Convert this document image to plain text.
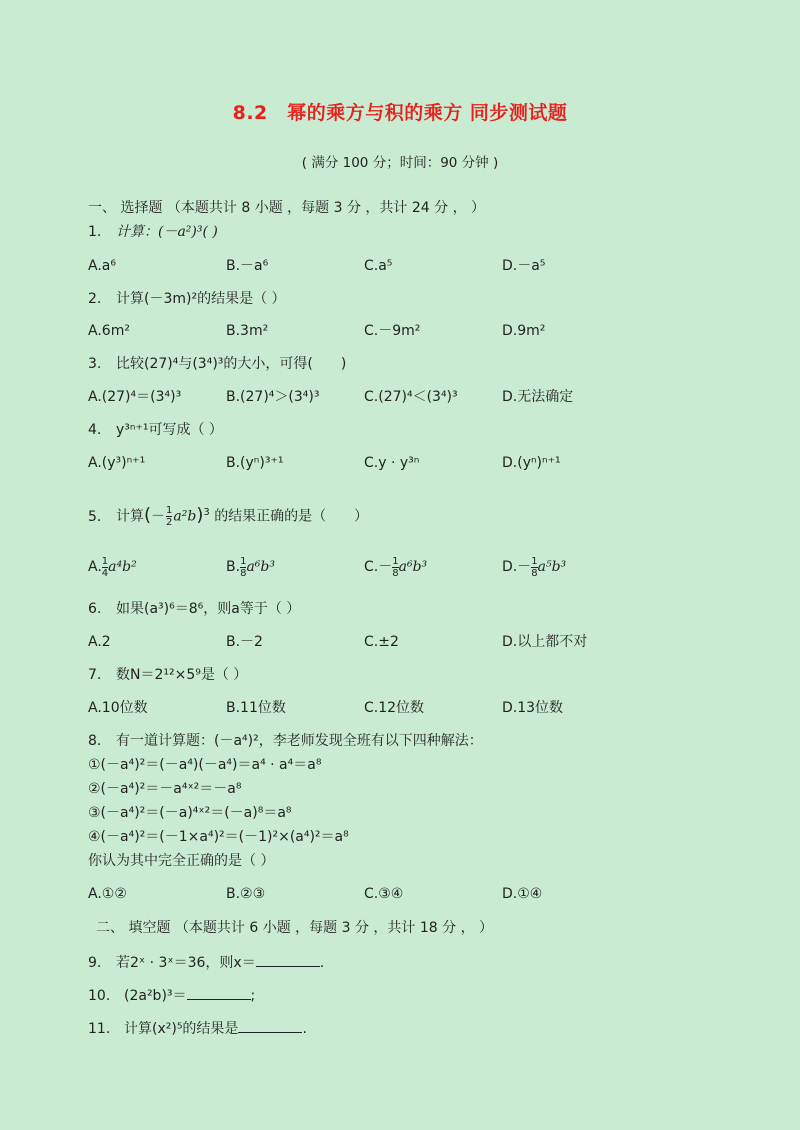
8.2　幂的乘方与积的乘方 同步测试题
( 满分 100 分；时间：90 分钟 )
一、 选择题 （本题共计 8 小题 ，每题 3 分 ，共计 24 分 ， ）
1. 计算：(－a²)³( )
A.a⁶	B.－a⁶	C.a⁵	D.－a⁵
2. 计算(－3m)²的结果是（ ）
A.6m²	B.3m²	C.－9m²	D.9m²
3. 比较(27)⁴与(3⁴)³的大小，可得(　　)
A.(27)⁴＝(3⁴)³	B.(27)⁴＞(3⁴)³	C.(27)⁴＜(3⁴)³	D.无法确定
4. y³ⁿ⁺¹可写成（ ）
A.(y³)ⁿ⁺¹	B.(yⁿ)³⁺¹	C.y · y³ⁿ	D.(yⁿ)ⁿ⁺¹
5. 计算(－ $\frac{1}{2} a^2b)^3$ 的结果正确的是（　　）
A. $\frac{1}{4} a^4b^2$	B. $\frac{1}{8} a^6b^3$	$C.- \frac{1}{8} a^6b^3$	$D.- \frac{1}{8} a^5b^3$
6. 如果(a³)⁶＝8⁶，则a等于（ ）
A.2	B.－2	C.±2	D.以上都不对
7. 数N＝2¹²×5⁹是（ ）
A.10位数	B.11位数	C.12位数	D.13位数
8. 有一道计算题：(－a⁴)²，李老师发现全班有以下四种解法：
①(－a⁴)²＝(－a⁴)(－a⁴)＝a⁴ · a⁴＝a⁸
②(－a⁴)²＝－a⁴ˣ²＝－a⁸
③(－a⁴)²＝(－a)⁴ˣ²＝(－a)⁸＝a⁸
④(－a⁴)²＝(－1×a⁴)²＝(－1)²×(a⁴)²＝a⁸
你认为其中完全正确的是（ ）
A.①②	B.②③	C.③④	D.①④
二、 填空题 （本题共计 6 小题 ，每题 3 分 ，共计 18 分 ， ）
9. 若2ˣ · 3ˣ＝36，则x＝	.
10. (2a²b)³＝	;
11. 计算(x²)⁵的结果是	.
